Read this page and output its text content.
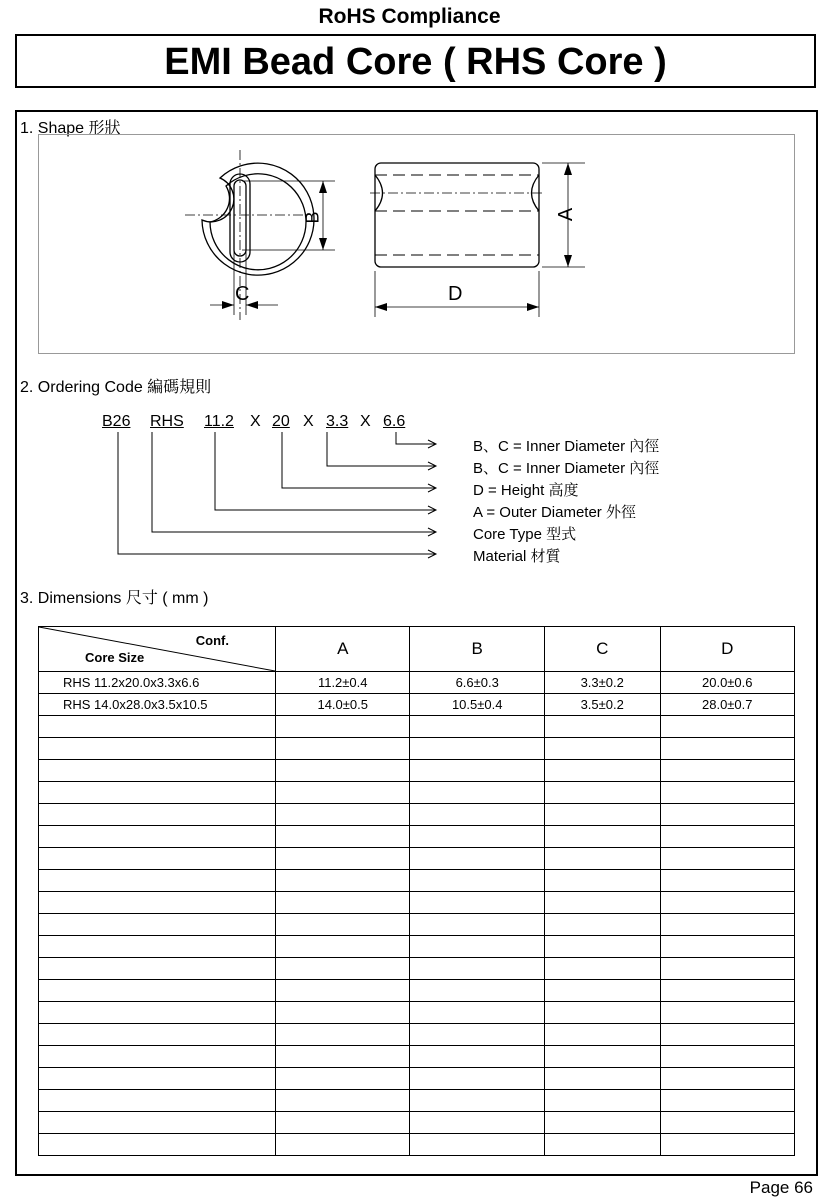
RoHS Compliance
EMI Bead Core ( RHS Core )
1. Shape 形狀
B
C
A
D
2. Ordering Code 編碼規則
B26 RHS 11.2 X 20 X 3.3 X 6.6
B、C = Inner Diameter 內徑
B、C = Inner Diameter 內徑
D = Height 高度
A = Outer Diameter 外徑
Core Type 型式
Material 材質
3. Dimensions 尺寸 ( mm )
Conf.
Core Size	A	B	C	D
RHS 11.2x20.0x3.3x6.6	11.2±0.4	6.6±0.3	3.3±0.2	20.0±0.6
RHS 14.0x28.0x3.5x10.5	14.0±0.5	10.5±0.4	3.5±0.2	28.0±0.7

Page 66
